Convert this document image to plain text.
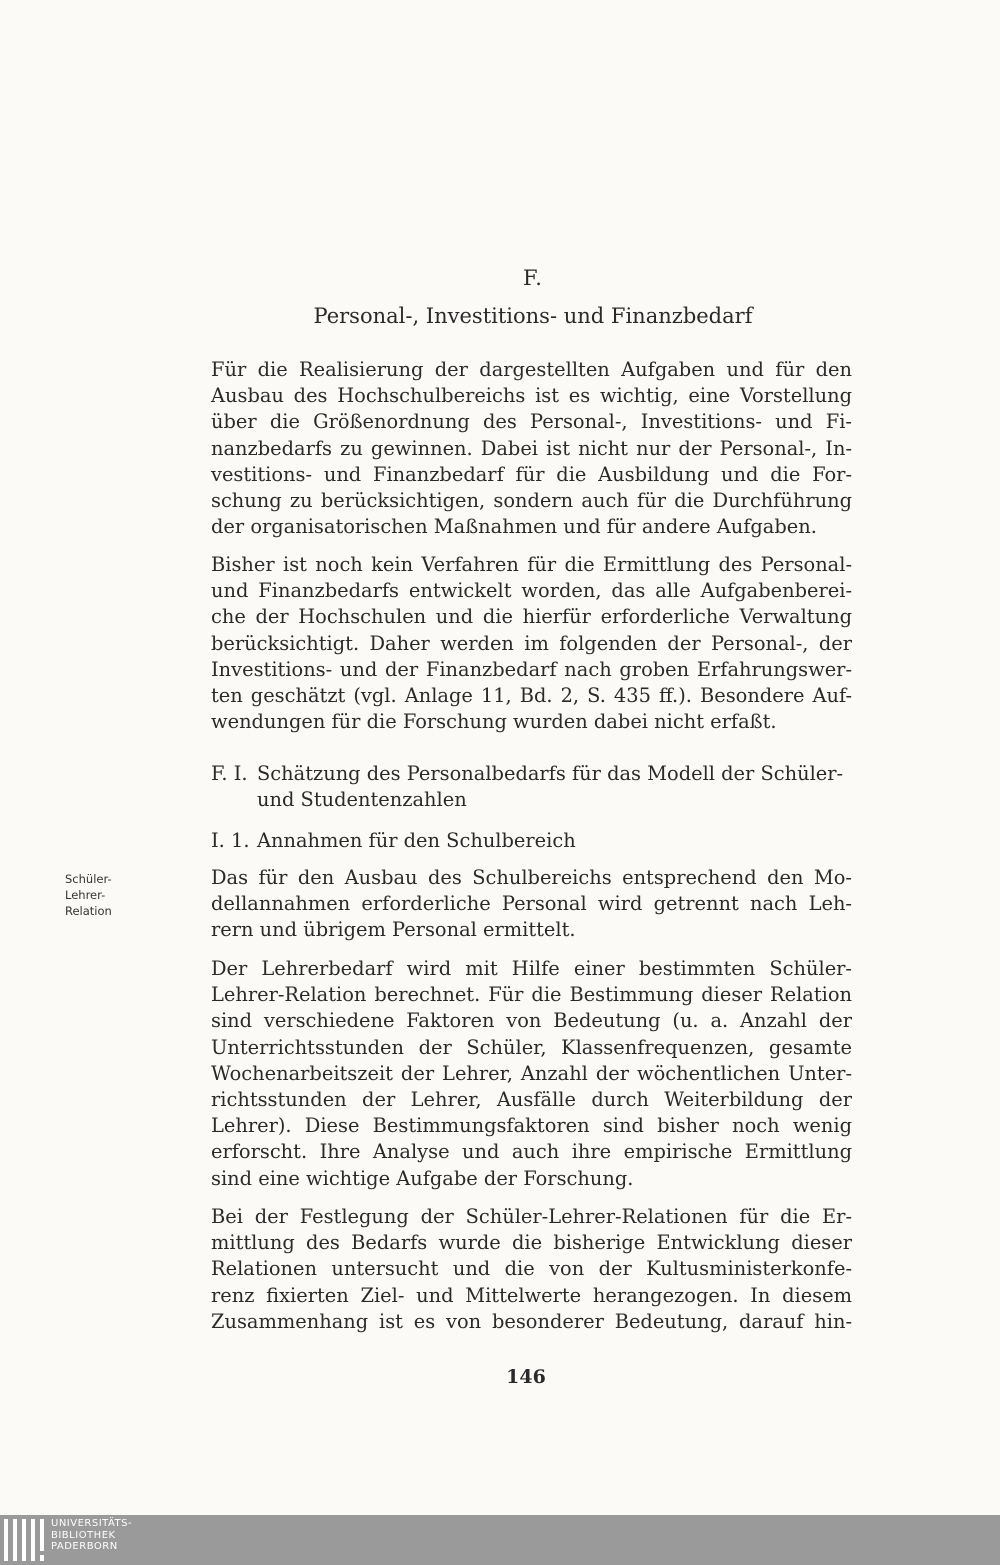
F.
Personal-, Investitions- und Finanzbedarf
Für die Realisierung der dargestellten Aufgaben und für den
Ausbau des Hochschulbereichs ist es wichtig, eine Vorstellung
über die Größenordnung des Personal-, Investitions- und Fi-
nanzbedarfs zu gewinnen. Dabei ist nicht nur der Personal-, In-
vestitions- und Finanzbedarf für die Ausbildung und die For-
schung zu berücksichtigen, sondern auch für die Durchführung
der organisatorischen Maßnahmen und für andere Aufgaben.
Bisher ist noch kein Verfahren für die Ermittlung des Personal-
und Finanzbedarfs entwickelt worden, das alle Aufgabenberei-
che der Hochschulen und die hierfür erforderliche Verwaltung
berücksichtigt. Daher werden im folgenden der Personal-, der
Investitions- und der Finanzbedarf nach groben Erfahrungswer-
ten geschätzt (vgl. Anlage 11, Bd. 2, S. 435 ff.). Besondere Auf-
wendungen für die Forschung wurden dabei nicht erfaßt.
F. I. Schätzung des Personalbedarfs für das Modell der Schüler-
und Studentenzahlen
I. 1. Annahmen für den Schulbereich
Schüler-
Lehrer-
Relation
Das für den Ausbau des Schulbereichs entsprechend den Mo-
dellannahmen erforderliche Personal wird getrennt nach Leh-
rern und übrigem Personal ermittelt.
Der Lehrerbedarf wird mit Hilfe einer bestimmten Schüler-
Lehrer-Relation berechnet. Für die Bestimmung dieser Relation
sind verschiedene Faktoren von Bedeutung (u. a. Anzahl der
Unterrichtsstunden der Schüler, Klassenfrequenzen, gesamte
Wochenarbeitszeit der Lehrer, Anzahl der wöchentlichen Unter-
richtsstunden der Lehrer, Ausfälle durch Weiterbildung der
Lehrer). Diese Bestimmungsfaktoren sind bisher noch wenig
erforscht. Ihre Analyse und auch ihre empirische Ermittlung
sind eine wichtige Aufgabe der Forschung.
Bei der Festlegung der Schüler-Lehrer-Relationen für die Er-
mittlung des Bedarfs wurde die bisherige Entwicklung dieser
Relationen untersucht und die von der Kultusministerkonfe-
renz fixierten Ziel- und Mittelwerte herangezogen. In diesem
Zusammenhang ist es von besonderer Bedeutung, darauf hin-
146
UNIVERSITÄTS-
BIBLIOTHEK
PADERBORN
